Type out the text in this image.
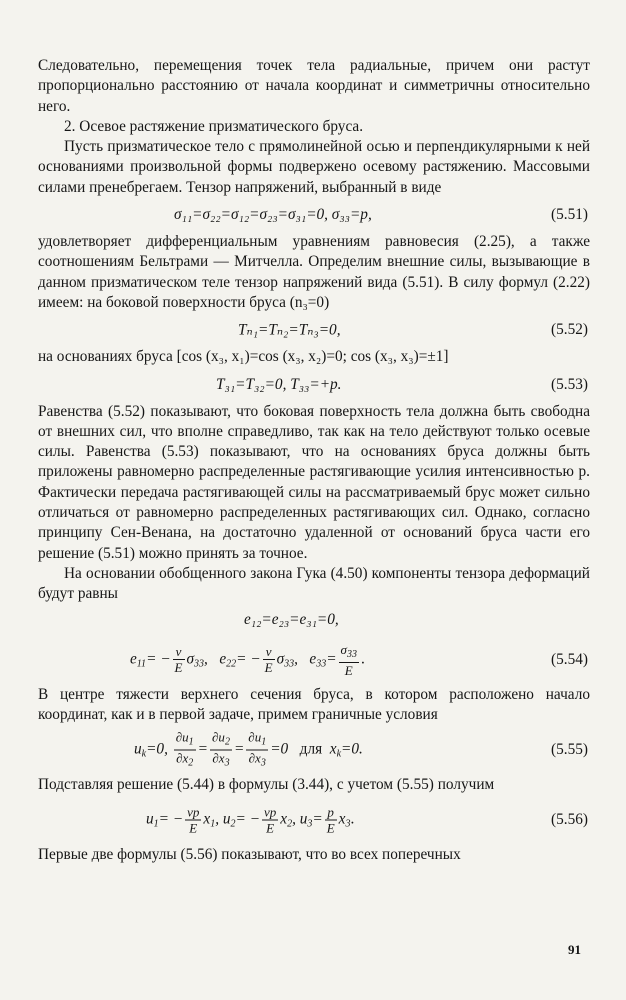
Следовательно, перемещения точек тела радиальные, причем они растут пропорционально расстоянию от начала координат и симметричны относительно него.

2. Осевое растяжение призматического бруса.

Пусть призматическое тело с прямолинейной осью и перпендикулярными к ней основаниями произвольной формы подвержено осевому растяжению. Массовыми силами пренебрегаем. Тензор напряжений, выбранный в виде

σ₁₁=σ₂₂=σ₁₂=σ₂₃=σ₃₁=0, σ₃₃=p,	(5.51)

удовлетворяет дифференциальным уравнениям равновесия (2.25), а также соотношениям Бельтрами — Митчелла. Определим внешние силы, вызывающие в данном призматическом теле тензор напряжений вида (5.51). В силу формул (2.22) имеем: на боковой поверхности бруса (n₃=0)

Tₙ₁=Tₙ₂=Tₙ₃=0,	(5.52)

на основаниях бруса [cos (x₃, x₁)=cos (x₃, x₂)=0; cos (x₃, x₃)=±1]

T₃₁=T₃₂=0, T₃₃=+p.	(5.53)

Равенства (5.52) показывают, что боковая поверхность тела должна быть свободна от внешних сил, что вполне справедливо, так как на тело действуют только осевые силы. Равенства (5.53) показывают, что на основаниях бруса должны быть приложены равномерно распределенные растягивающие усилия интенсивностью p. Фактически передача растягивающей силы на рассматриваемый брус может сильно отличаться от равномерно распределенных растягивающих сил. Однако, согласно принципу Сен-Венана, на достаточно удаленной от оснований бруса части его решение (5.51) можно принять за точное.

На основании обобщенного закона Гука (4.50) компоненты тензора деформаций будут равны

e₁₂=e₂₃=e₃₁=0,
$e_{11}= - \frac{\nu}{E} \sigma_{33}$,   $e_{22}= - \frac{\nu}{E} \sigma_{33}$,   $e_{33}= \frac{\sigma_{33}}{E}$ .	(5.54)

В центре тяжести верхнего сечения бруса, в котором расположено начало координат, как и в первой задаче, примем граничные условия

$u_k=0$, $\frac{\partial u_1}{\partial x_2} = \frac{\partial u_2}{\partial x_3} = \frac{\partial u_1}{\partial x_3} =0$   для  $x_k=0$.	(5.55)

Подставляя решение (5.44) в формулы (3.44), с учетом (5.55) получим

$u_1= - \frac{\nu p}{E} x_1$, $u_2= - \frac{\nu p}{E} x_2$, $u_3= \frac{p}{E} x_3$.	(5.56)

Первые две формулы (5.56) показывают, что во всех поперечных

91
